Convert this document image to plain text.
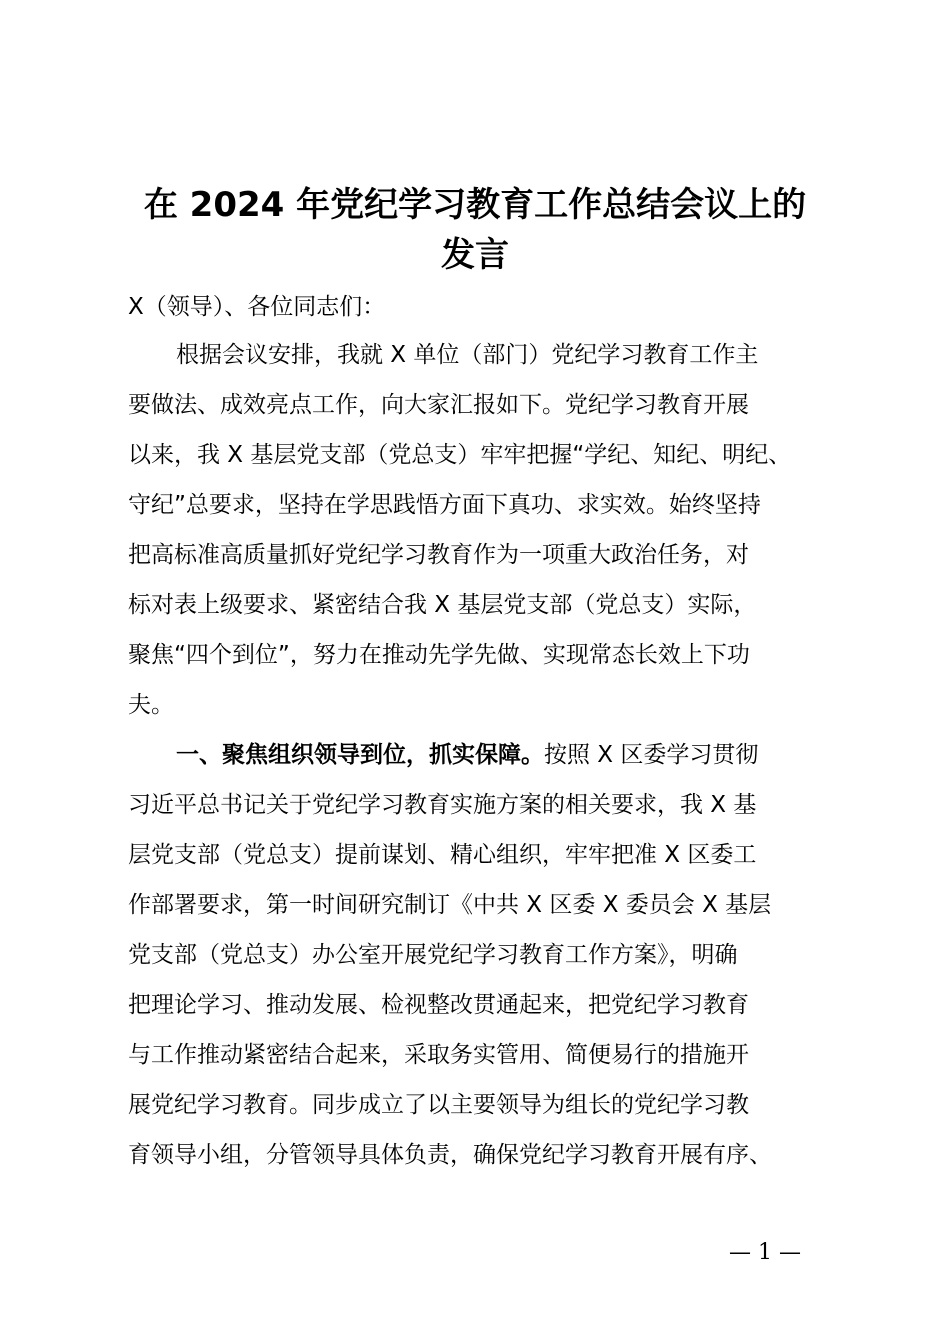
在 2024 年党纪学习教育工作总结会议上的
发言
X（领导）、各位同志们：
根据会议安排，我就 X 单位（部门）党纪学习教育工作主
要做法、成效亮点工作，向大家汇报如下。党纪学习教育开展
以来，我 X 基层党支部（党总支）牢牢把握“学纪、知纪、明纪、
守纪”总要求，坚持在学思践悟方面下真功、求实效。始终坚持
把高标准高质量抓好党纪学习教育作为一项重大政治任务，对
标对表上级要求、紧密结合我 X 基层党支部（党总支）实际，
聚焦“四个到位”，努力在推动先学先做、实现常态长效上下功
夫。
一、聚焦组织领导到位，抓实保障。按照 X 区委学习贯彻
习近平总书记关于党纪学习教育实施方案的相关要求，我 X 基
层党支部（党总支）提前谋划、精心组织，牢牢把准 X 区委工
作部署要求，第一时间研究制订《中共 X 区委 X 委员会 X 基层
党支部（党总支）办公室开展党纪学习教育工作方案》，明确
把理论学习、推动发展、检视整改贯通起来，把党纪学习教育
与工作推动紧密结合起来，采取务实管用、简便易行的措施开
展党纪学习教育。同步成立了以主要领导为组长的党纪学习教
育领导小组，分管领导具体负责，确保党纪学习教育开展有序、
— 1 —
